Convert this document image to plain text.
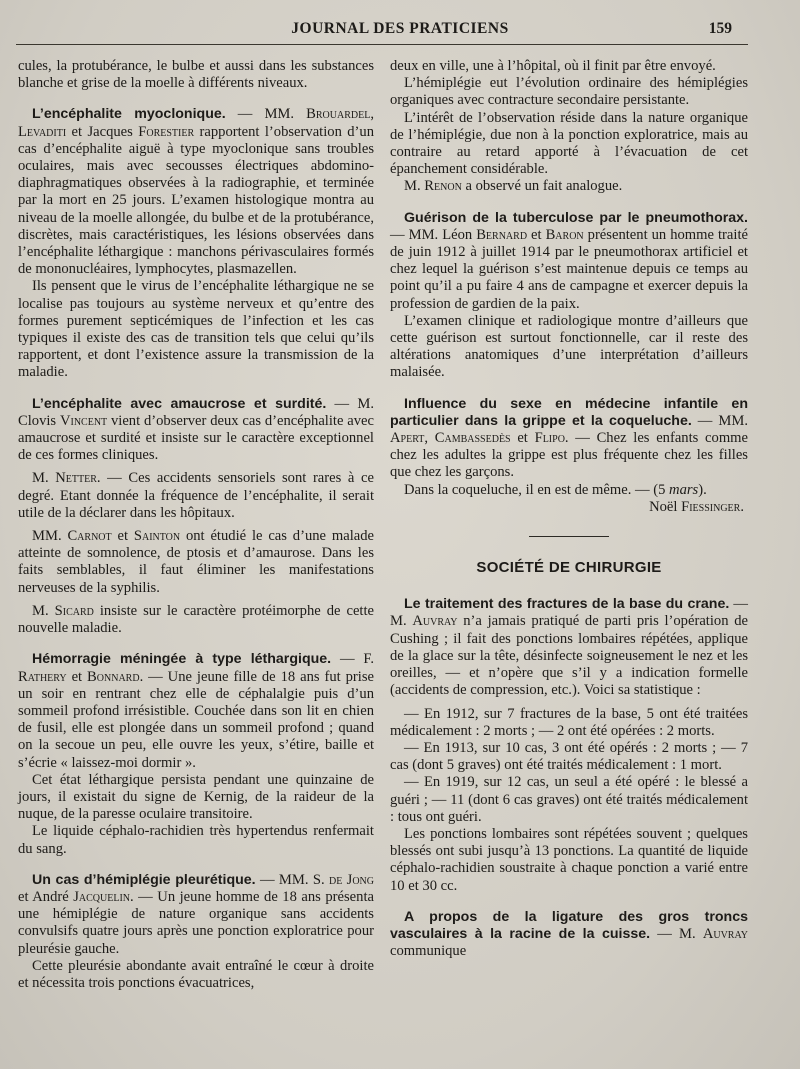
JOURNAL DES PRATICIENS	159

cules, la protubérance, le bulbe et aussi dans les substances blanche et grise de la moelle à différents niveaux.

L’encéphalite myoclonique. — MM. Brouardel, Levaditi et Jacques Forestier rapportent l’observation d’un cas d’encéphalite aiguë à type myoclonique sans troubles oculaires, mais avec secousses électriques abdomino-diaphragmatiques observées à la radiographie, et terminée par la mort en 25 jours. L’examen histologique montra au niveau de la moelle allongée, du bulbe et de la protubérance, discrètes, mais caractéristiques, les lésions observées dans l’encéphalite léthargique : manchons périvasculaires formés de mononucléaires, lymphocytes, plasmazellen.

Ils pensent que le virus de l’encéphalite léthargique ne se localise pas toujours au système nerveux et qu’entre des formes purement septicémiques de l’infection et les cas typiques il existe des cas de transition tels que celui qu’ils rapportent, et dont l’existence assure la transmission de la maladie.

L’encéphalite avec amaucrose et surdité. — M. Clovis Vincent vient d’observer deux cas d’encéphalite avec amaucrose et surdité et insiste sur le caractère exceptionnel de ces formes cliniques.

M. Netter. — Ces accidents sensoriels sont rares à ce degré. Etant donnée la fréquence de l’encéphalite, il serait utile de la déclarer dans les hôpitaux.

MM. Carnot et Sainton ont étudié le cas d’une malade atteinte de somnolence, de ptosis et d’amaurose. Dans les faits semblables, il faut éliminer les manifestations nerveuses de la syphilis.

M. Sicard insiste sur le caractère protéimorphe de cette nouvelle maladie.

Hémorragie méningée à type léthargique. — F. Rathery et Bonnard. — Une jeune fille de 18 ans fut prise un soir en rentrant chez elle de céphalalgie puis d’un sommeil profond irrésistible. Couchée dans son lit en chien de fusil, elle est plongée dans un sommeil profond ; quand on la secoue un peu, elle ouvre les yeux, s’étire, baille et s’écrie « laissez-moi dormir ».

Cet état léthargique persista pendant une quinzaine de jours, il existait du signe de Kernig, de la raideur de la nuque, de la paresse oculaire transitoire.

Le liquide céphalo-rachidien très hypertendus renfermait du sang.

Un cas d’hémiplégie pleurétique. — MM. S. de Jong et André Jacquelin. — Un jeune homme de 18 ans présenta une hémiplégie de nature organique sans accidents convulsifs quatre jours après une ponction exploratrice pour pleurésie gauche.

Cette pleurésie abondante avait entraîné le cœur à droite et nécessita trois ponctions évacuatrices,

deux en ville, une à l’hôpital, où il finit par être envoyé.

L’hémiplégie eut l’évolution ordinaire des hémiplégies organiques avec contracture secondaire persistante.

L’intérêt de l’observation réside dans la nature organique de l’hémiplégie, due non à la ponction exploratrice, mais au contraire au retard apporté à l’évacuation de cet épanchement considérable.

M. Renon a observé un fait analogue.

Guérison de la tuberculose par le pneumothorax. — MM. Léon Bernard et Baron présentent un homme traité de juin 1912 à juillet 1914 par le pneumothorax artificiel et chez lequel la guérison s’est maintenue depuis ce temps au point qu’il a pu faire 4 ans de campagne et exercer depuis la profession de gardien de la paix.

L’examen clinique et radiologique montre d’ailleurs que cette guérison est surtout fonctionnelle, car il reste des altérations anatomiques d’une interprétation d’ailleurs malaisée.

Influence du sexe en médecine infantile en particulier dans la grippe et la coqueluche. — MM. Apert, Cambassedès et Flipo. — Chez les enfants comme chez les adultes la grippe est plus fréquente chez les filles que chez les garçons.

Dans la coqueluche, il en est de même. — (5 mars).

Noël Fiessinger.

SOCIÉTÉ DE CHIRURGIE

Le traitement des fractures de la base du crane. — M. Auvray n’a jamais pratiqué de parti pris l’opération de Cushing ; il fait des ponctions lombaires répétées, applique de la glace sur la tête, désinfecte soigneusement le nez et les oreilles, — et n’opère que s’il y a indication formelle (accidents de compression, etc.). Voici sa statistique :

— En 1912, sur 7 fractures de la base, 5 ont été traitées médicalement : 2 morts ; — 2 ont été opérées : 2 morts.

— En 1913, sur 10 cas, 3 ont été opérés : 2 morts ; — 7 cas (dont 5 graves) ont été traités médicalement : 1 mort.

— En 1919, sur 12 cas, un seul a été opéré : le blessé a guéri ; — 11 (dont 6 cas graves) ont été traités médicalement : tous ont guéri.

Les ponctions lombaires sont répétées souvent ; quelques blessés ont subi jusqu’à 13 ponctions. La quantité de liquide céphalo-rachidien soustraite à chaque ponction a varié entre 10 et 30 cc.

A propos de la ligature des gros troncs vasculaires à la racine de la cuisse. — M. Auvray communique
